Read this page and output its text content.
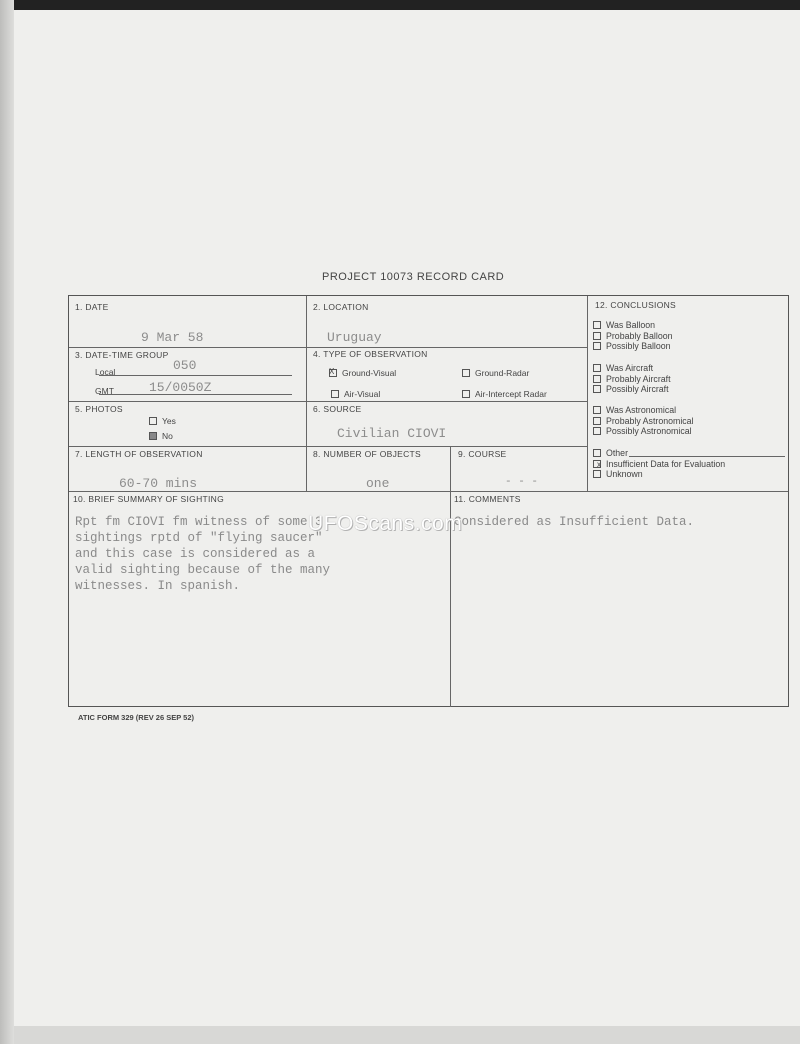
PROJECT 10073 RECORD CARD
1. DATE
9 Mar 58
2. LOCATION
Uruguay
3. DATE-TIME GROUP
Local	050
GMT	15/0050Z
4. TYPE OF OBSERVATION
X Ground-Visual	Ground-Radar
Air-Visual	Air-Intercept Radar
5. PHOTOS
Yes
No
6. SOURCE
Civilian CIOVI
7. LENGTH OF OBSERVATION
60-70 mins
8. NUMBER OF OBJECTS
one
9. COURSE
- - -
12. CONCLUSIONS
Was Balloon
Probably Balloon
Possibly Balloon
Was Aircraft
Probably Aircraft
Possibly Aircraft
Was Astronomical
Probably Astronomical
Possibly Astronomical
Other
x Insufficient Data for Evaluation
Unknown
10. BRIEF SUMMARY OF SIGHTING
Rpt fm CIOVI fm witness of some 3
sightings rptd of "flying saucer"
and this case is considered as a
valid sighting because of the many
witnesses. In spanish.
11. COMMENTS
Considered as Insufficient Data.
UFOScans.com
ATIC FORM 329 (REV 26 SEP 52)
